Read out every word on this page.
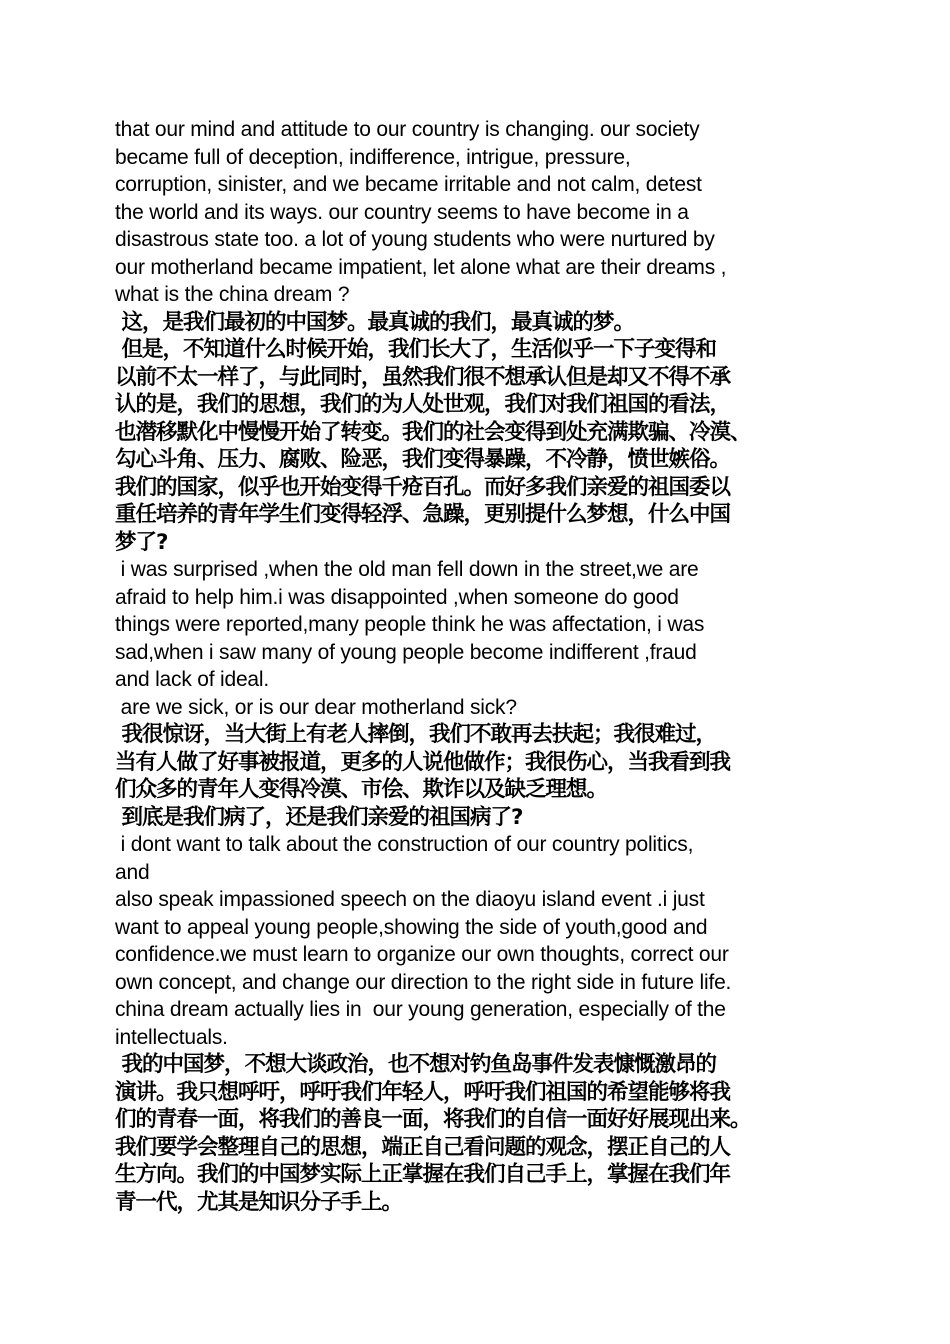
that our mind and attitude to our country is changing. our society
became full of deception, indifference, intrigue, pressure,
corruption, sinister, and we became irritable and not calm, detest
the world and its ways. our country seems to have become in a
disastrous state too. a lot of young students who were nurtured by
our motherland became impatient, let alone what are their dreams ,
what is the china dream ?
这，是我们最初的中国梦。最真诚的我们，最真诚的梦。
但是，不知道什么时候开始，我们长大了，生活似乎一下子变得和
以前不太一样了，与此同时，虽然我们很不想承认但是却又不得不承
认的是，我们的思想，我们的为人处世观，我们对我们祖国的看法，
也潜移默化中慢慢开始了转变。我们的社会变得到处充满欺骗、冷漠、
勾心斗角、压力、腐败、险恶，我们变得暴躁，不冷静，愤世嫉俗。
我们的国家，似乎也开始变得千疮百孔。而好多我们亲爱的祖国委以
重任培养的青年学生们变得轻浮、急躁，更别提什么梦想，什么中国
梦了?
i was surprised ,when the old man fell down in the street,we are
afraid to help him.i was disappointed ,when someone do good
things were reported,many people think he was affectation, i was
sad,when i saw many of young people become indifferent ,fraud
and lack of ideal.
are we sick, or is our dear motherland sick?
我很惊讶，当大街上有老人摔倒，我们不敢再去扶起；我很难过，
当有人做了好事被报道，更多的人说他做作；我很伤心，当我看到我
们众多的青年人变得冷漠、市侩、欺诈以及缺乏理想。
到底是我们病了，还是我们亲爱的祖国病了?
i dont want to talk about the construction of our country politics,
and
also speak impassioned speech on the diaoyu island event .i just
want to appeal young people,showing the side of youth,good and
confidence.we must learn to organize our own thoughts, correct our
own concept, and change our direction to the right side in future life.
china dream actually lies in  our young generation, especially of the
intellectuals.
我的中国梦，不想大谈政治，也不想对钓鱼岛事件发表慷慨激昂的
演讲。我只想呼吁，呼吁我们年轻人，呼吁我们祖国的希望能够将我
们的青春一面，将我们的善良一面，将我们的自信一面好好展现出来。
我们要学会整理自己的思想，端正自己看问题的观念，摆正自己的人
生方向。我们的中国梦实际上正掌握在我们自己手上，掌握在我们年
青一代，尤其是知识分子手上。
